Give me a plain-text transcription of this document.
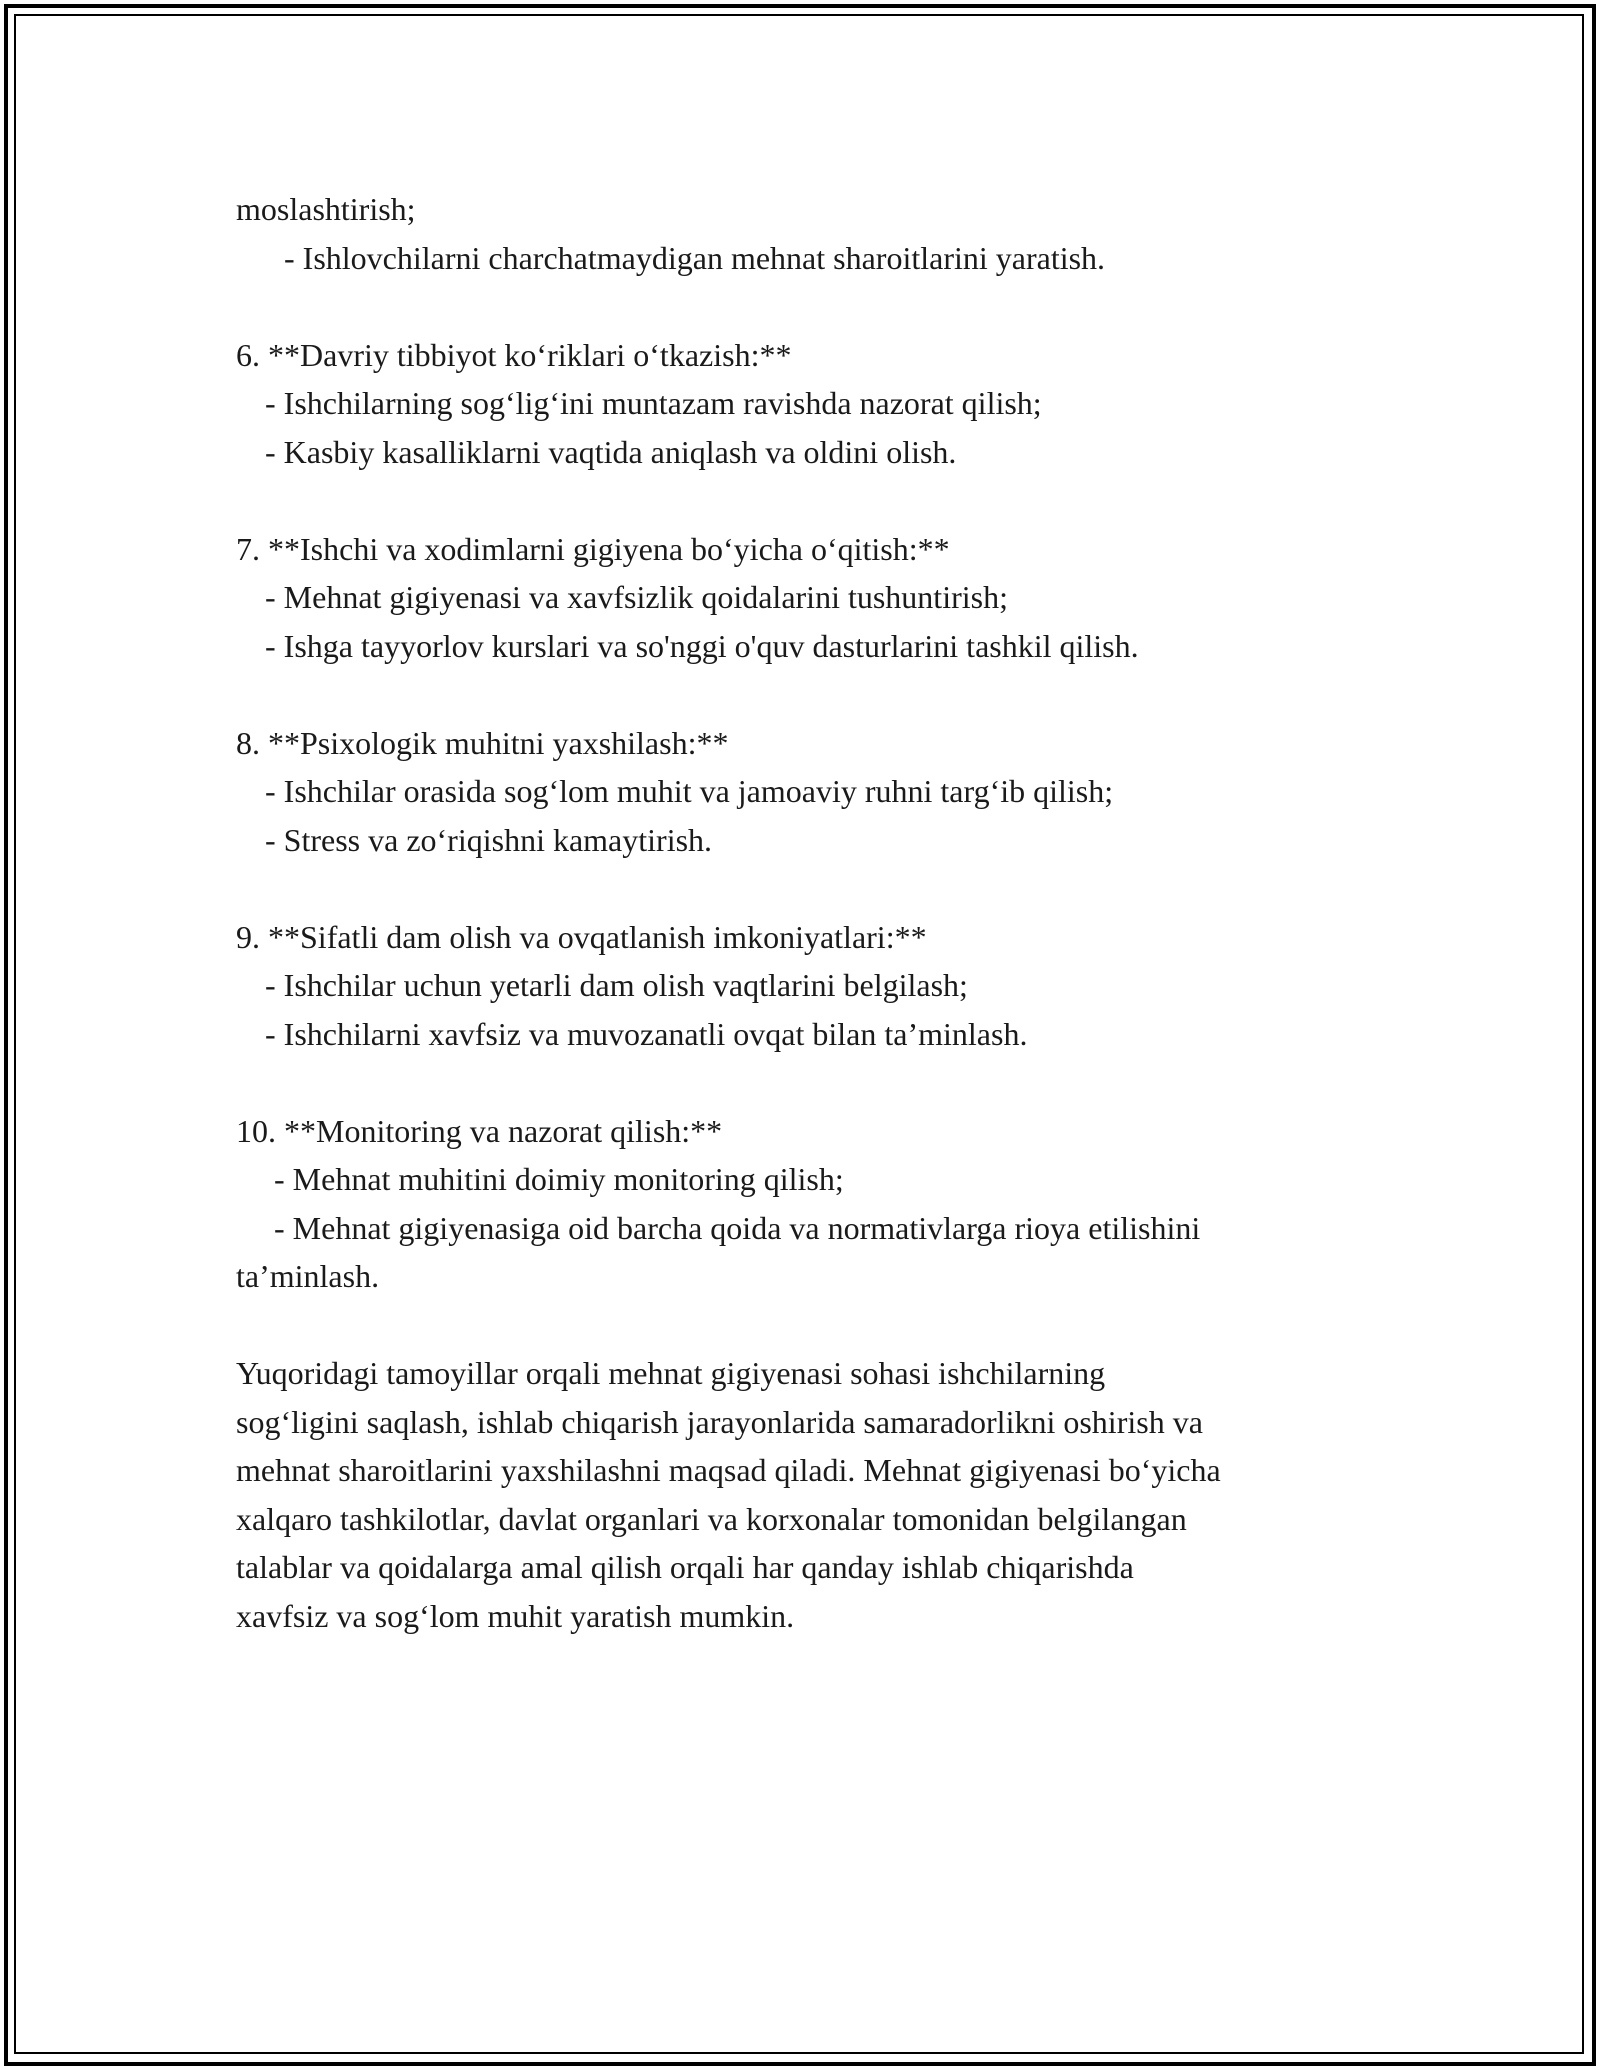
moslashtirish;
- Ishlovchilarni charchatmaydigan mehnat sharoitlarini yaratish.
6. **Davriy tibbiyot ko‘riklari o‘tkazish:**
- Ishchilarning sog‘lig‘ini muntazam ravishda nazorat qilish;
- Kasbiy kasalliklarni vaqtida aniqlash va oldini olish.
7. **Ishchi va xodimlarni gigiyena bo‘yicha o‘qitish:**
- Mehnat gigiyenasi va xavfsizlik qoidalarini tushuntirish;
- Ishga tayyorlov kurslari va so'nggi o'quv dasturlarini tashkil qilish.
8. **Psixologik muhitni yaxshilash:**
- Ishchilar orasida sog‘lom muhit va jamoaviy ruhni targ‘ib qilish;
- Stress va zo‘riqishni kamaytirish.
9. **Sifatli dam olish va ovqatlanish imkoniyatlari:**
- Ishchilar uchun yetarli dam olish vaqtlarini belgilash;
- Ishchilarni xavfsiz va muvozanatli ovqat bilan ta’minlash.
10. **Monitoring va nazorat qilish:**
- Mehnat muhitini doimiy monitoring qilish;
- Mehnat gigiyenasiga oid barcha qoida va normativlarga rioya etilishini
ta’minlash.
Yuqoridagi tamoyillar orqali mehnat gigiyenasi sohasi ishchilarning
sog‘ligini saqlash, ishlab chiqarish jarayonlarida samaradorlikni oshirish va
mehnat sharoitlarini yaxshilashni maqsad qiladi. Mehnat gigiyenasi bo‘yicha
xalqaro tashkilotlar, davlat organlari va korxonalar tomonidan belgilangan
talablar va qoidalarga amal qilish orqali har qanday ishlab chiqarishda
xavfsiz va sog‘lom muhit yaratish mumkin.
